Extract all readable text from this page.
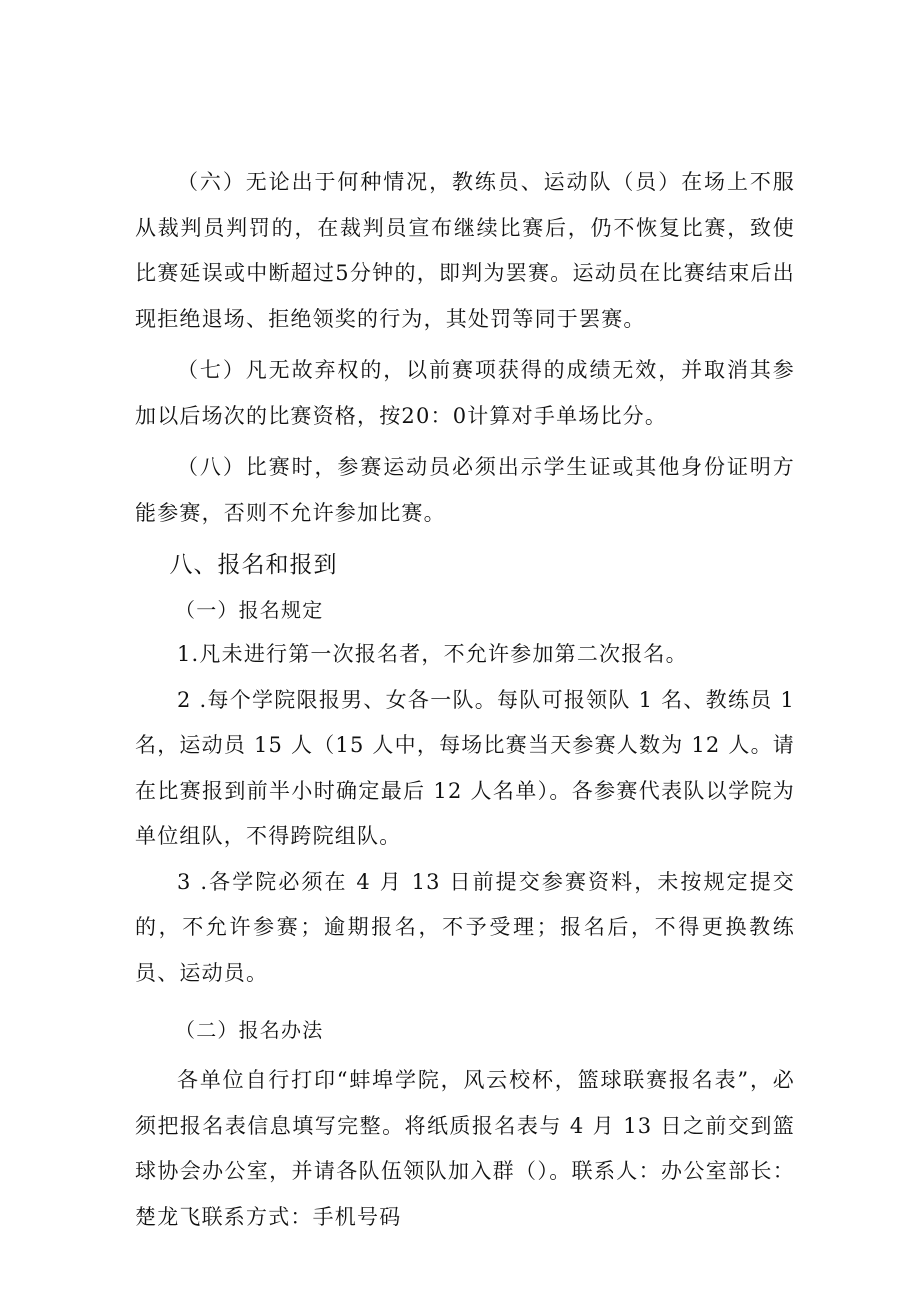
（六）无论出于何种情况，教练员、运动队（员）在场上不服从裁判员判罚的，在裁判员宣布继续比赛后，仍不恢复比赛，致使比赛延误或中断超过5分钟的，即判为罢赛。运动员在比赛结束后出现拒绝退场、拒绝领奖的行为，其处罚等同于罢赛。

（七）凡无故弃权的，以前赛项获得的成绩无效，并取消其参加以后场次的比赛资格，按20：0计算对手单场比分。

（八）比赛时，参赛运动员必须出示学生证或其他身份证明方能参赛，否则不允许参加比赛。

八、报名和报到

（一）报名规定

1.凡未进行第一次报名者，不允许参加第二次报名。

2 .每个学院限报男、女各一队。每队可报领队 1 名、教练员 1 名，运动员 15 人（15 人中，每场比赛当天参赛人数为 12 人。请在比赛报到前半小时确定最后 12 人名单）。各参赛代表队以学院为单位组队，不得跨院组队。

3 .各学院必须在 4 月 13 日前提交参赛资料，未按规定提交的，不允许参赛；逾期报名，不予受理；报名后，不得更换教练员、运动员。

（二）报名办法

各单位自行打印“蚌埠学院，风云校杯，篮球联赛报名表”，必须把报名表信息填写完整。将纸质报名表与 4 月 13 日之前交到篮球协会办公室，并请各队伍领队加入群（）。联系人：办公室部长：楚龙飞联系方式：手机号码
